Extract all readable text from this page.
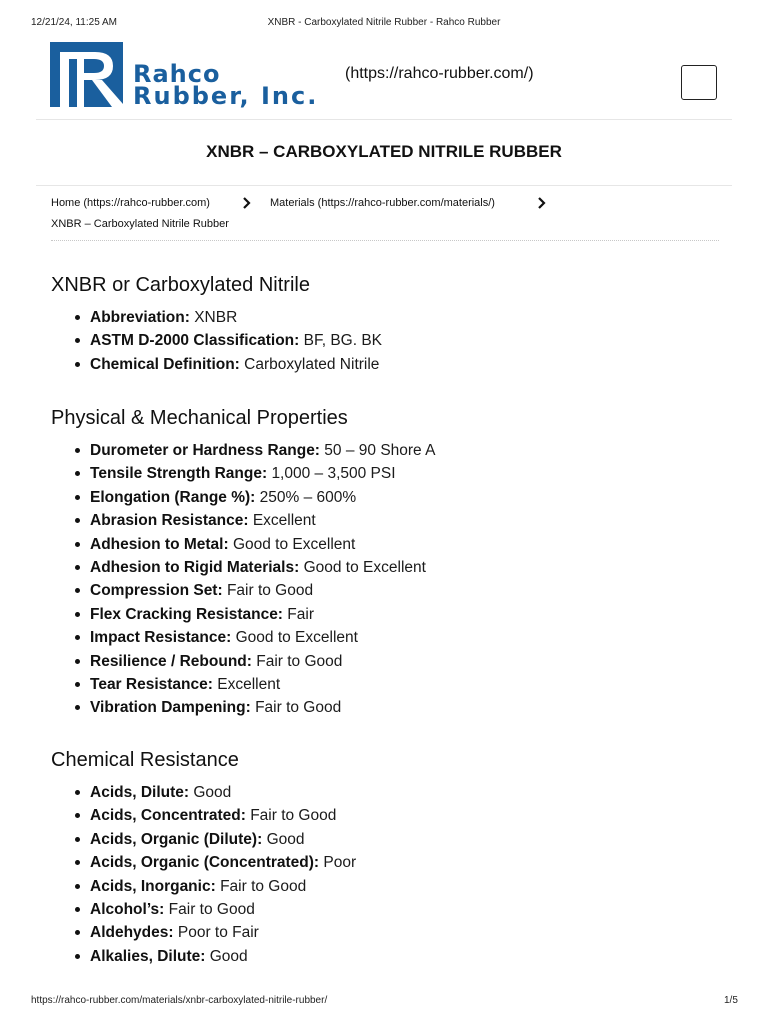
12/21/24, 11:25 AM	XNBR - Carboxylated Nitrile Rubber - Rahco Rubber
Rahco
Rubber, Inc.
(https://rahco-rubber.com/)
XNBR – CARBOXYLATED NITRILE RUBBER
Home (https://rahco-rubber.com)	Materials (https://rahco-rubber.com/materials/)
XNBR – Carboxylated Nitrile Rubber
XNBR or Carboxylated Nitrile
Abbreviation: XNBR
ASTM D-2000 Classification: BF, BG. BK
Chemical Definition: Carboxylated Nitrile
Physical & Mechanical Properties
Durometer or Hardness Range: 50 – 90 Shore A
Tensile Strength Range: 1,000 – 3,500 PSI
Elongation (Range %): 250% – 600%
Abrasion Resistance: Excellent
Adhesion to Metal: Good to Excellent
Adhesion to Rigid Materials: Good to Excellent
Compression Set: Fair to Good
Flex Cracking Resistance: Fair
Impact Resistance: Good to Excellent
Resilience / Rebound: Fair to Good
Tear Resistance: Excellent
Vibration Dampening: Fair to Good
Chemical Resistance
Acids, Dilute: Good
Acids, Concentrated: Fair to Good
Acids, Organic (Dilute): Good
Acids, Organic (Concentrated): Poor
Acids, Inorganic: Fair to Good
Alcohol’s: Fair to Good
Aldehydes: Poor to Fair
Alkalies, Dilute: Good
https://rahco-rubber.com/materials/xnbr-carboxylated-nitrile-rubber/	1/5
